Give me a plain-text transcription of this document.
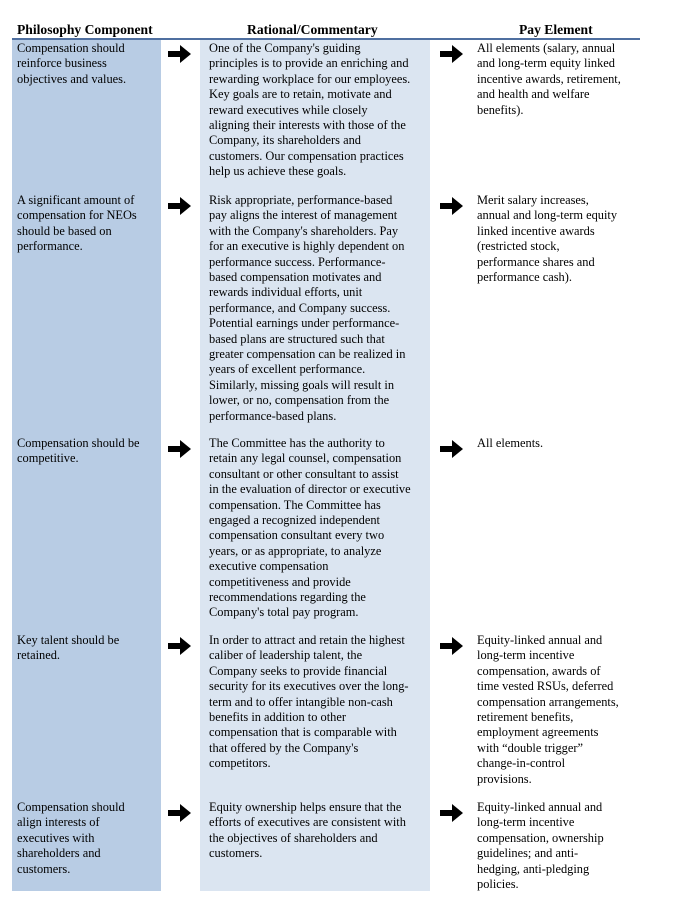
Philosophy Component	Rational/Commentary	Pay Element
Compensation should
reinforce business
objectives and values.
One of the Company's guiding
principles is to provide an enriching and
rewarding workplace for our employees.
Key goals are to retain, motivate and
reward executives while closely
aligning their interests with those of the
Company, its shareholders and
customers. Our compensation practices
help us achieve these goals.
All elements (salary, annual
and long-term equity linked
incentive awards, retirement,
and health and welfare
benefits).
A significant amount of
compensation for NEOs
should be based on
performance.
Risk appropriate, performance-based
pay aligns the interest of management
with the Company's shareholders. Pay
for an executive is highly dependent on
performance success. Performance-
based compensation motivates and
rewards individual efforts, unit
performance, and Company success.
Potential earnings under performance-
based plans are structured such that
greater compensation can be realized in
years of excellent performance.
Similarly, missing goals will result in
lower, or no, compensation from the
performance-based plans.
Merit salary increases,
annual and long-term equity
linked incentive awards
(restricted stock,
performance shares and
performance cash).
Compensation should be
competitive.
The Committee has the authority to
retain any legal counsel, compensation
consultant or other consultant to assist
in the evaluation of director or executive
compensation. The Committee has
engaged a recognized independent
compensation consultant every two
years, or as appropriate, to analyze
executive compensation
competitiveness and provide
recommendations regarding the
Company's total pay program.
All elements.
Key talent should be
retained.
In order to attract and retain the highest
caliber of leadership talent, the
Company seeks to provide financial
security for its executives over the long-
term and to offer intangible non-cash
benefits in addition to other
compensation that is comparable with
that offered by the Company's
competitors.
Equity-linked annual and
long-term incentive
compensation, awards of
time vested RSUs, deferred
compensation arrangements,
retirement benefits,
employment agreements
with “double trigger”
change-in-control
provisions.
Compensation should
align interests of
executives with
shareholders and
customers.
Equity ownership helps ensure that the
efforts of executives are consistent with
the objectives of shareholders and
customers.
Equity-linked annual and
long-term incentive
compensation, ownership
guidelines; and anti-
hedging, anti-pledging
policies.
